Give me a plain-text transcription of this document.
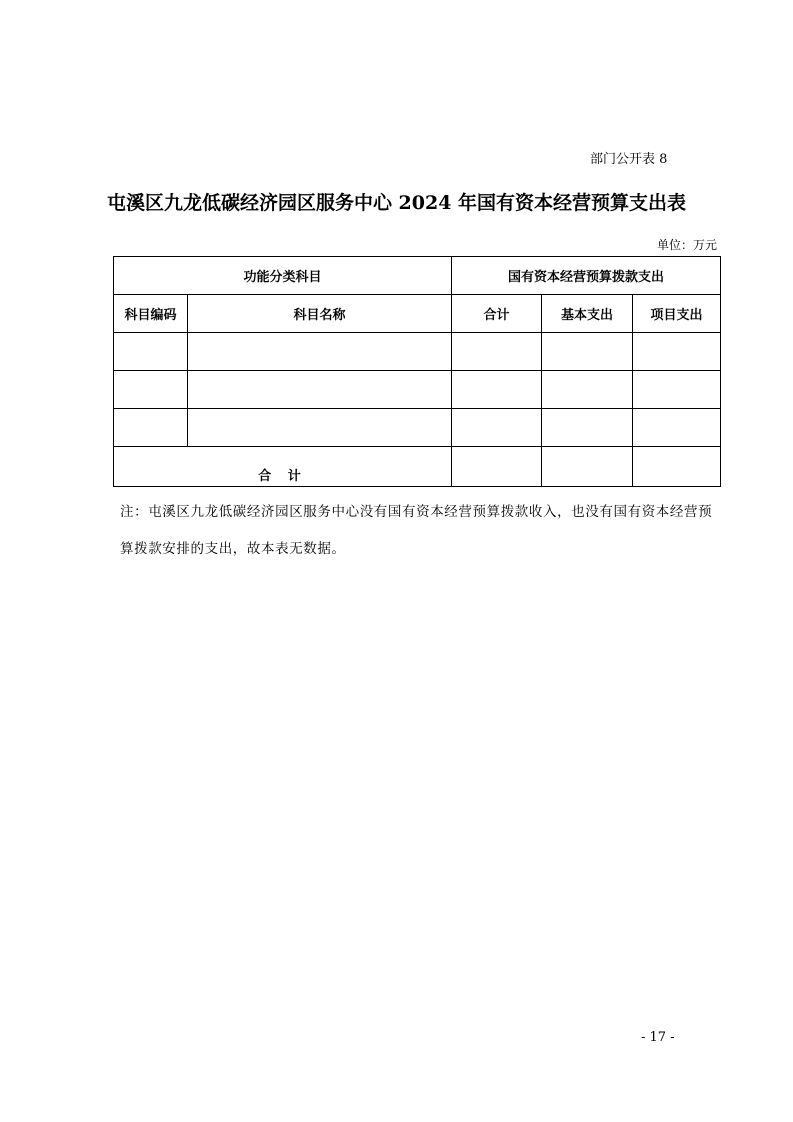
部门公开表 8
屯溪区九龙低碳经济园区服务中心 2024 年国有资本经营预算支出表
单位：万元
功能分类科目		国有资本经营预算拨款支出		
科目编码	科目名称	合计	基本支出	项目支出

合 计				
注：屯溪区九龙低碳经济园区服务中心没有国有资本经营预算拨款收入，也没有国有资本经营预算拨款安排的支出，故本表无数据。
- 17 -
